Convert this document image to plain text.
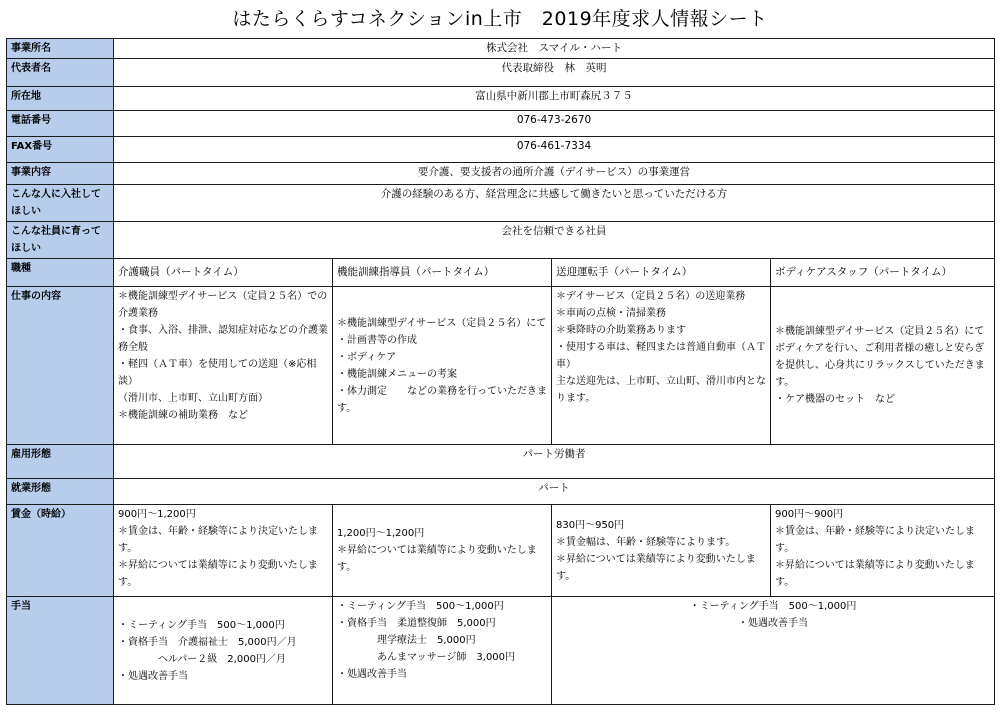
はたらくらすコネクションin上市　2019年度求人情報シート
事業所名	株式会社　スマイル・ハート			
代表者名	代表取締役　林　英明			
所在地	富山県中新川郡上市町森尻３７５			
電話番号	076-473-2670			
FAX番号	076-461-7334			
事業内容	要介護、要支援者の通所介護（デイサービス）の事業運営			
こんな人に入社してほしい	介護の経験のある方、経営理念に共感して働きたいと思っていただける方			
こんな社員に育ってほしい	会社を信頼できる社員			
職種	介護職員（パートタイム）	機能訓練指導員（パートタイム）	送迎運転手（パートタイム）	ボディケアスタッフ（パートタイム）
仕事の内容	＊機能訓練型デイサービス（定員２５名）での介護業務
・食事、入浴、排泄、認知症対応などの介護業務全般
・軽四（ＡＴ車）を使用しての送迎（※応相談）
（滑川市、上市町、立山町方面）
＊機能訓練の補助業務　など	＊機能訓練型デイサービス（定員２５名）にて
・計画書等の作成
・ボディケア
・機能訓練メニューの考案
・体力測定　　などの業務を行っていただきます。	＊デイサービス（定員２５名）の送迎業務
＊車両の点検・清掃業務
＊乗降時の介助業務あります
・使用する車は、軽四または普通自動車（ＡＴ車）
主な送迎先は、上市町、立山町、滑川市内となります。	＊機能訓練型デイサービス（定員２５名）にてボディケアを行い、ご利用者様の癒しと安らぎを提供し、心身共にリラックスしていただきます。
・ケア機器のセット　など

雇用形態	パート労働者			
就業形態	パート			
賃金（時給）	900円～1,200円
＊賃金は、年齢・経験等により決定いたします。
＊昇給については業績等により変動いたします。	1,200円～1,200円
＊昇給については業績等により変動いたします。	830円～950円
＊賃金幅は、年齢・経験等によります。
＊昇給については業績等により変動いたします。	900円～900円
＊賃金は、年齢・経験等により決定いたします。
＊昇給については業績等により変動いたします。

手当	・ミーティング手当　500～1,000円
・資格手当　介護福祉士　5,000円／月
　　　　ヘルパー２級　2,000円／月
・処遇改善手当	・ミーティング手当　500～1,000円
・資格手当　柔道整復師　5,000円
　　　　理学療法士　5,000円
　　　　あんまマッサージ師　3,000円
・処遇改善手当	・ミーティング手当　500～1,000円
・処遇改善手当	
